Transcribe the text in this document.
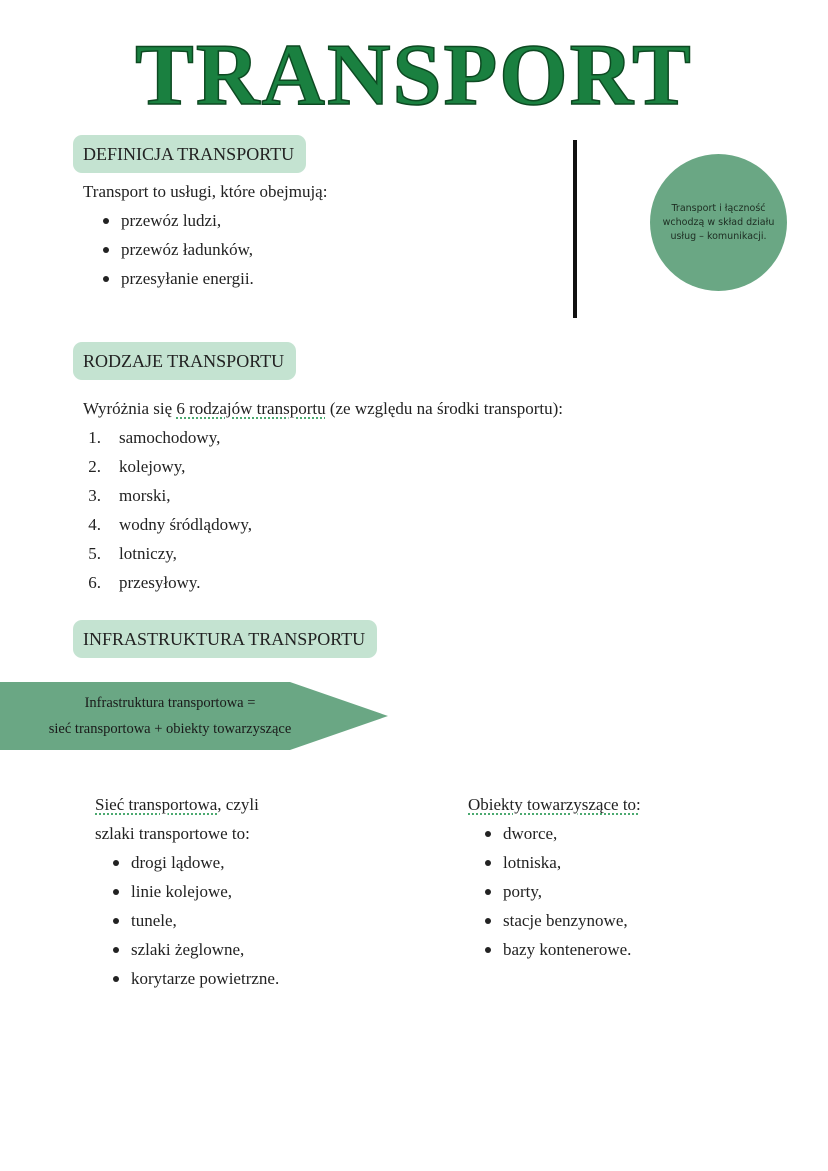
TRANSPORT
DEFINICJA TRANSPORTU
Transport to usługi, które obejmują:
przewóz ludzi,
przewóz ładunków,
przesyłanie energii.
Transport i łączność wchodzą w skład działu usług – komunikacji.
RODZAJE TRANSPORTU
Wyróżnia się 6 rodzajów transportu (ze względu na środki transportu):
1. samochodowy,
2. kolejowy,
3. morski,
4. wodny śródlądowy,
5. lotniczy,
6. przesyłowy.
INFRASTRUKTURA TRANSPORTU
Infrastruktura transportowa =
sieć transportowa + obiekty towarzyszące
Sieć transportowa, czyli
szlaki transportowe to:
drogi lądowe,
linie kolejowe,
tunele,
szlaki żeglowne,
korytarze powietrzne.
Obiekty towarzyszące to:
dworce,
lotniska,
porty,
stacje benzynowe,
bazy kontenerowe.
